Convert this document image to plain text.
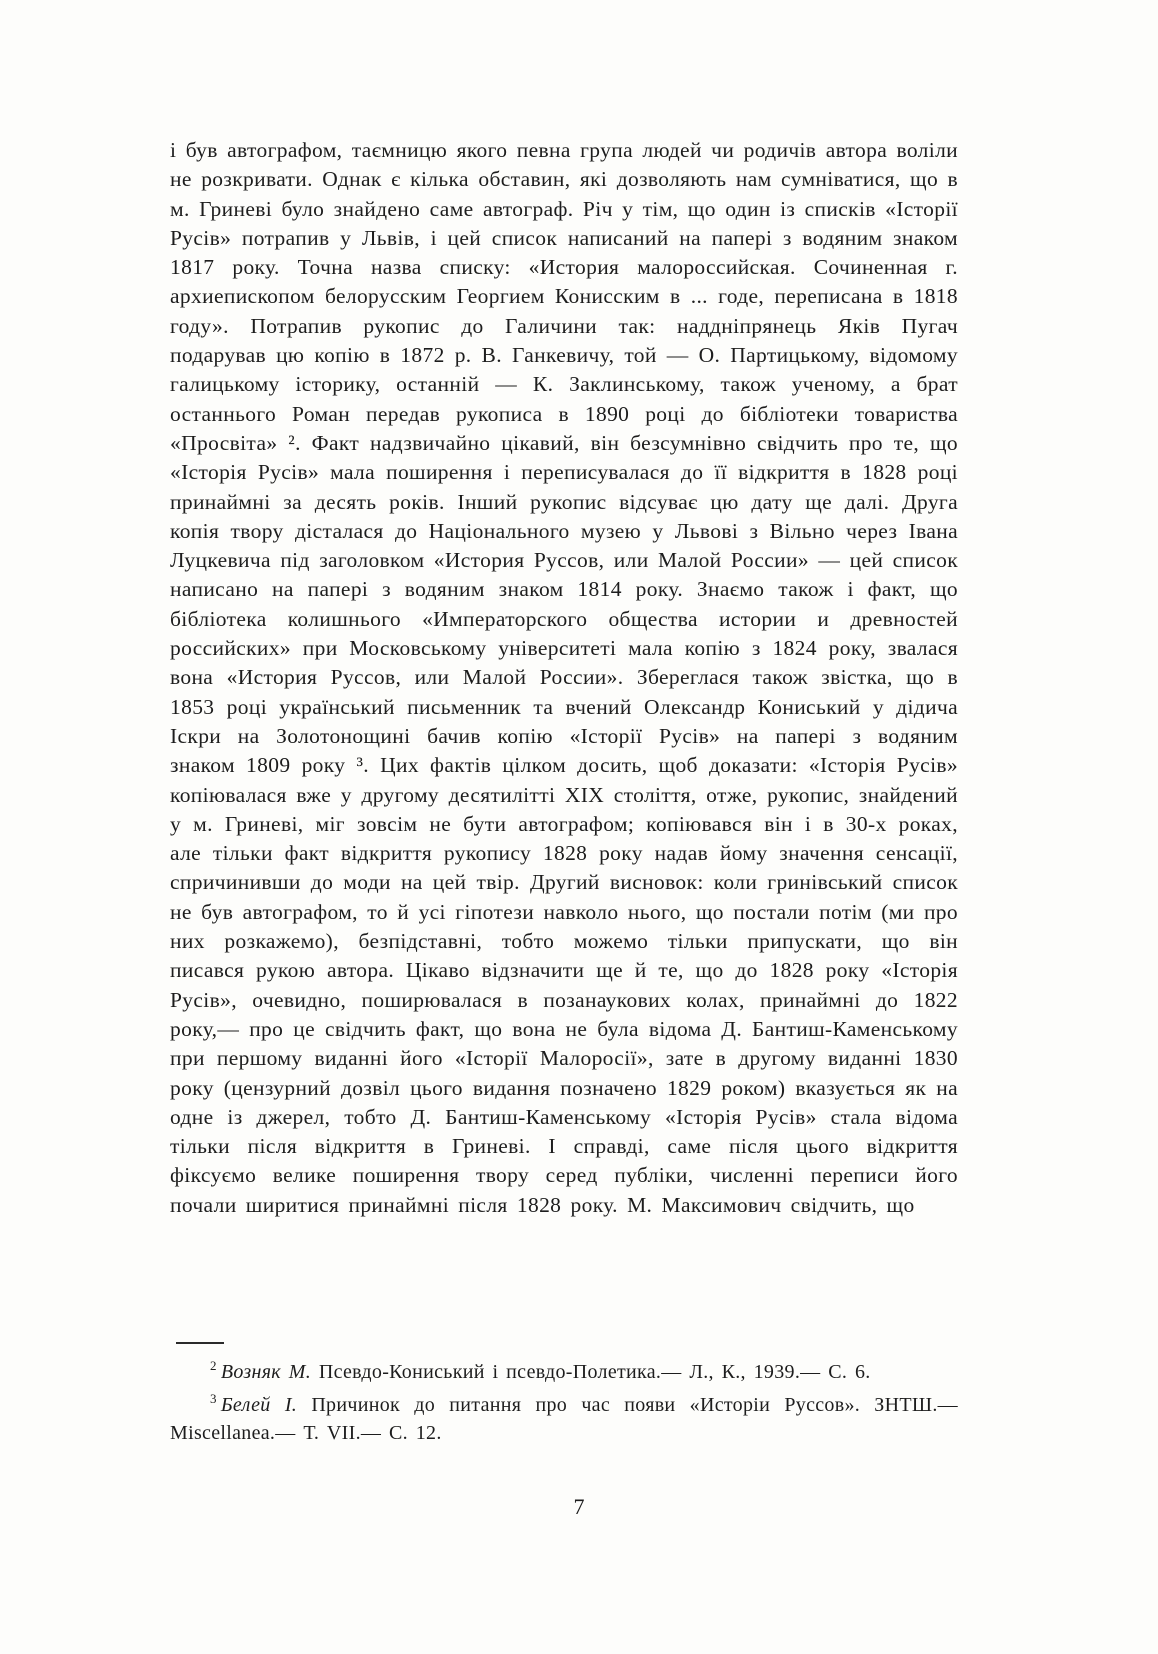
і був автографом, таємницю якого певна група людей чи родичів автора воліли не розкривати. Однак є кілька обставин, які дозволяють нам сумніватися, що в м. Гриневі було знайдено саме автограф. Річ у тім, що один із списків «Історії Русів» потрапив у Львів, і цей список написаний на папері з водяним знаком 1817 року. Точна назва списку: «История малороссийская. Сочиненная г. архиепископом белорусским Георгием Конисским в ... годе, переписана в 1818 году». Потрапив рукопис до Галичини так: наддніпрянець Яків Пугач подарував цю копію в 1872 р. В. Ганкевичу, той — О. Партицькому, відомому галицькому історику, останній — К. Заклинському, також ученому, а брат останнього Роман передав рукописа в 1890 році до бібліотеки товариства «Просвіта» ². Факт надзвичайно цікавий, він безсумнівно свідчить про те, що «Історія Русів» мала поширення і переписувалася до її відкриття в 1828 році принаймні за десять років. Інший рукопис відсуває цю дату ще далі. Друга копія твору дісталася до Національного музею у Львові з Вільно через Івана Луцкевича під заголовком «История Руссов, или Малой России» — цей список написано на папері з водяним знаком 1814 року. Знаємо також і факт, що бібліотека колишнього «Императорского общества истории и древностей российских» при Московському університеті мала копію з 1824 року, звалася вона «История Руссов, или Малой России». Збереглася також звістка, що в 1853 році український письменник та вчений Олександр Кониський у дідича Іскри на Золотонощині бачив копію «Історії Русів» на папері з водяним знаком 1809 року ³. Цих фактів цілком досить, щоб доказати: «Історія Русів» копіювалася вже у другому десятилітті XIX століття, отже, рукопис, знайдений у м. Гриневі, міг зовсім не бути автографом; копіювався він і в 30-х роках, але тільки факт відкриття рукопису 1828 року надав йому значення сенсації, спричинивши до моди на цей твір. Другий висновок: коли гринівський список не був автографом, то й усі гіпотези навколо нього, що постали потім (ми про них розкажемо), безпідставні, тобто можемо тільки припускати, що він писався рукою автора. Цікаво відзначити ще й те, що до 1828 року «Історія Русів», очевидно, поширювалася в позанаукових колах, принаймні до 1822 року,— про це свідчить факт, що вона не була відома Д. Бантиш-Каменському при першому виданні його «Історії Малоросії», зате в другому виданні 1830 року (цензурний дозвіл цього видання позначено 1829 роком) вказується як на одне із джерел, тобто Д. Бантиш-Каменському «Історія Русів» стала відома тільки після відкриття в Гриневі. І справді, саме після цього відкриття фіксуємо велике поширення твору серед публіки, численні переписи його почали ширитися принаймні після 1828 року. М. Максимович свідчить, що

$^2$ Возняк М. Псевдо-Кониський і псевдо-Полетика.— Л., К., 1939.— С. 6.

$^3$ Белей І. Причинок до питання про час появи «Исторіи Руссов». ЗНТШ.— Miscellanea.— Т. VII.— С. 12.

7
